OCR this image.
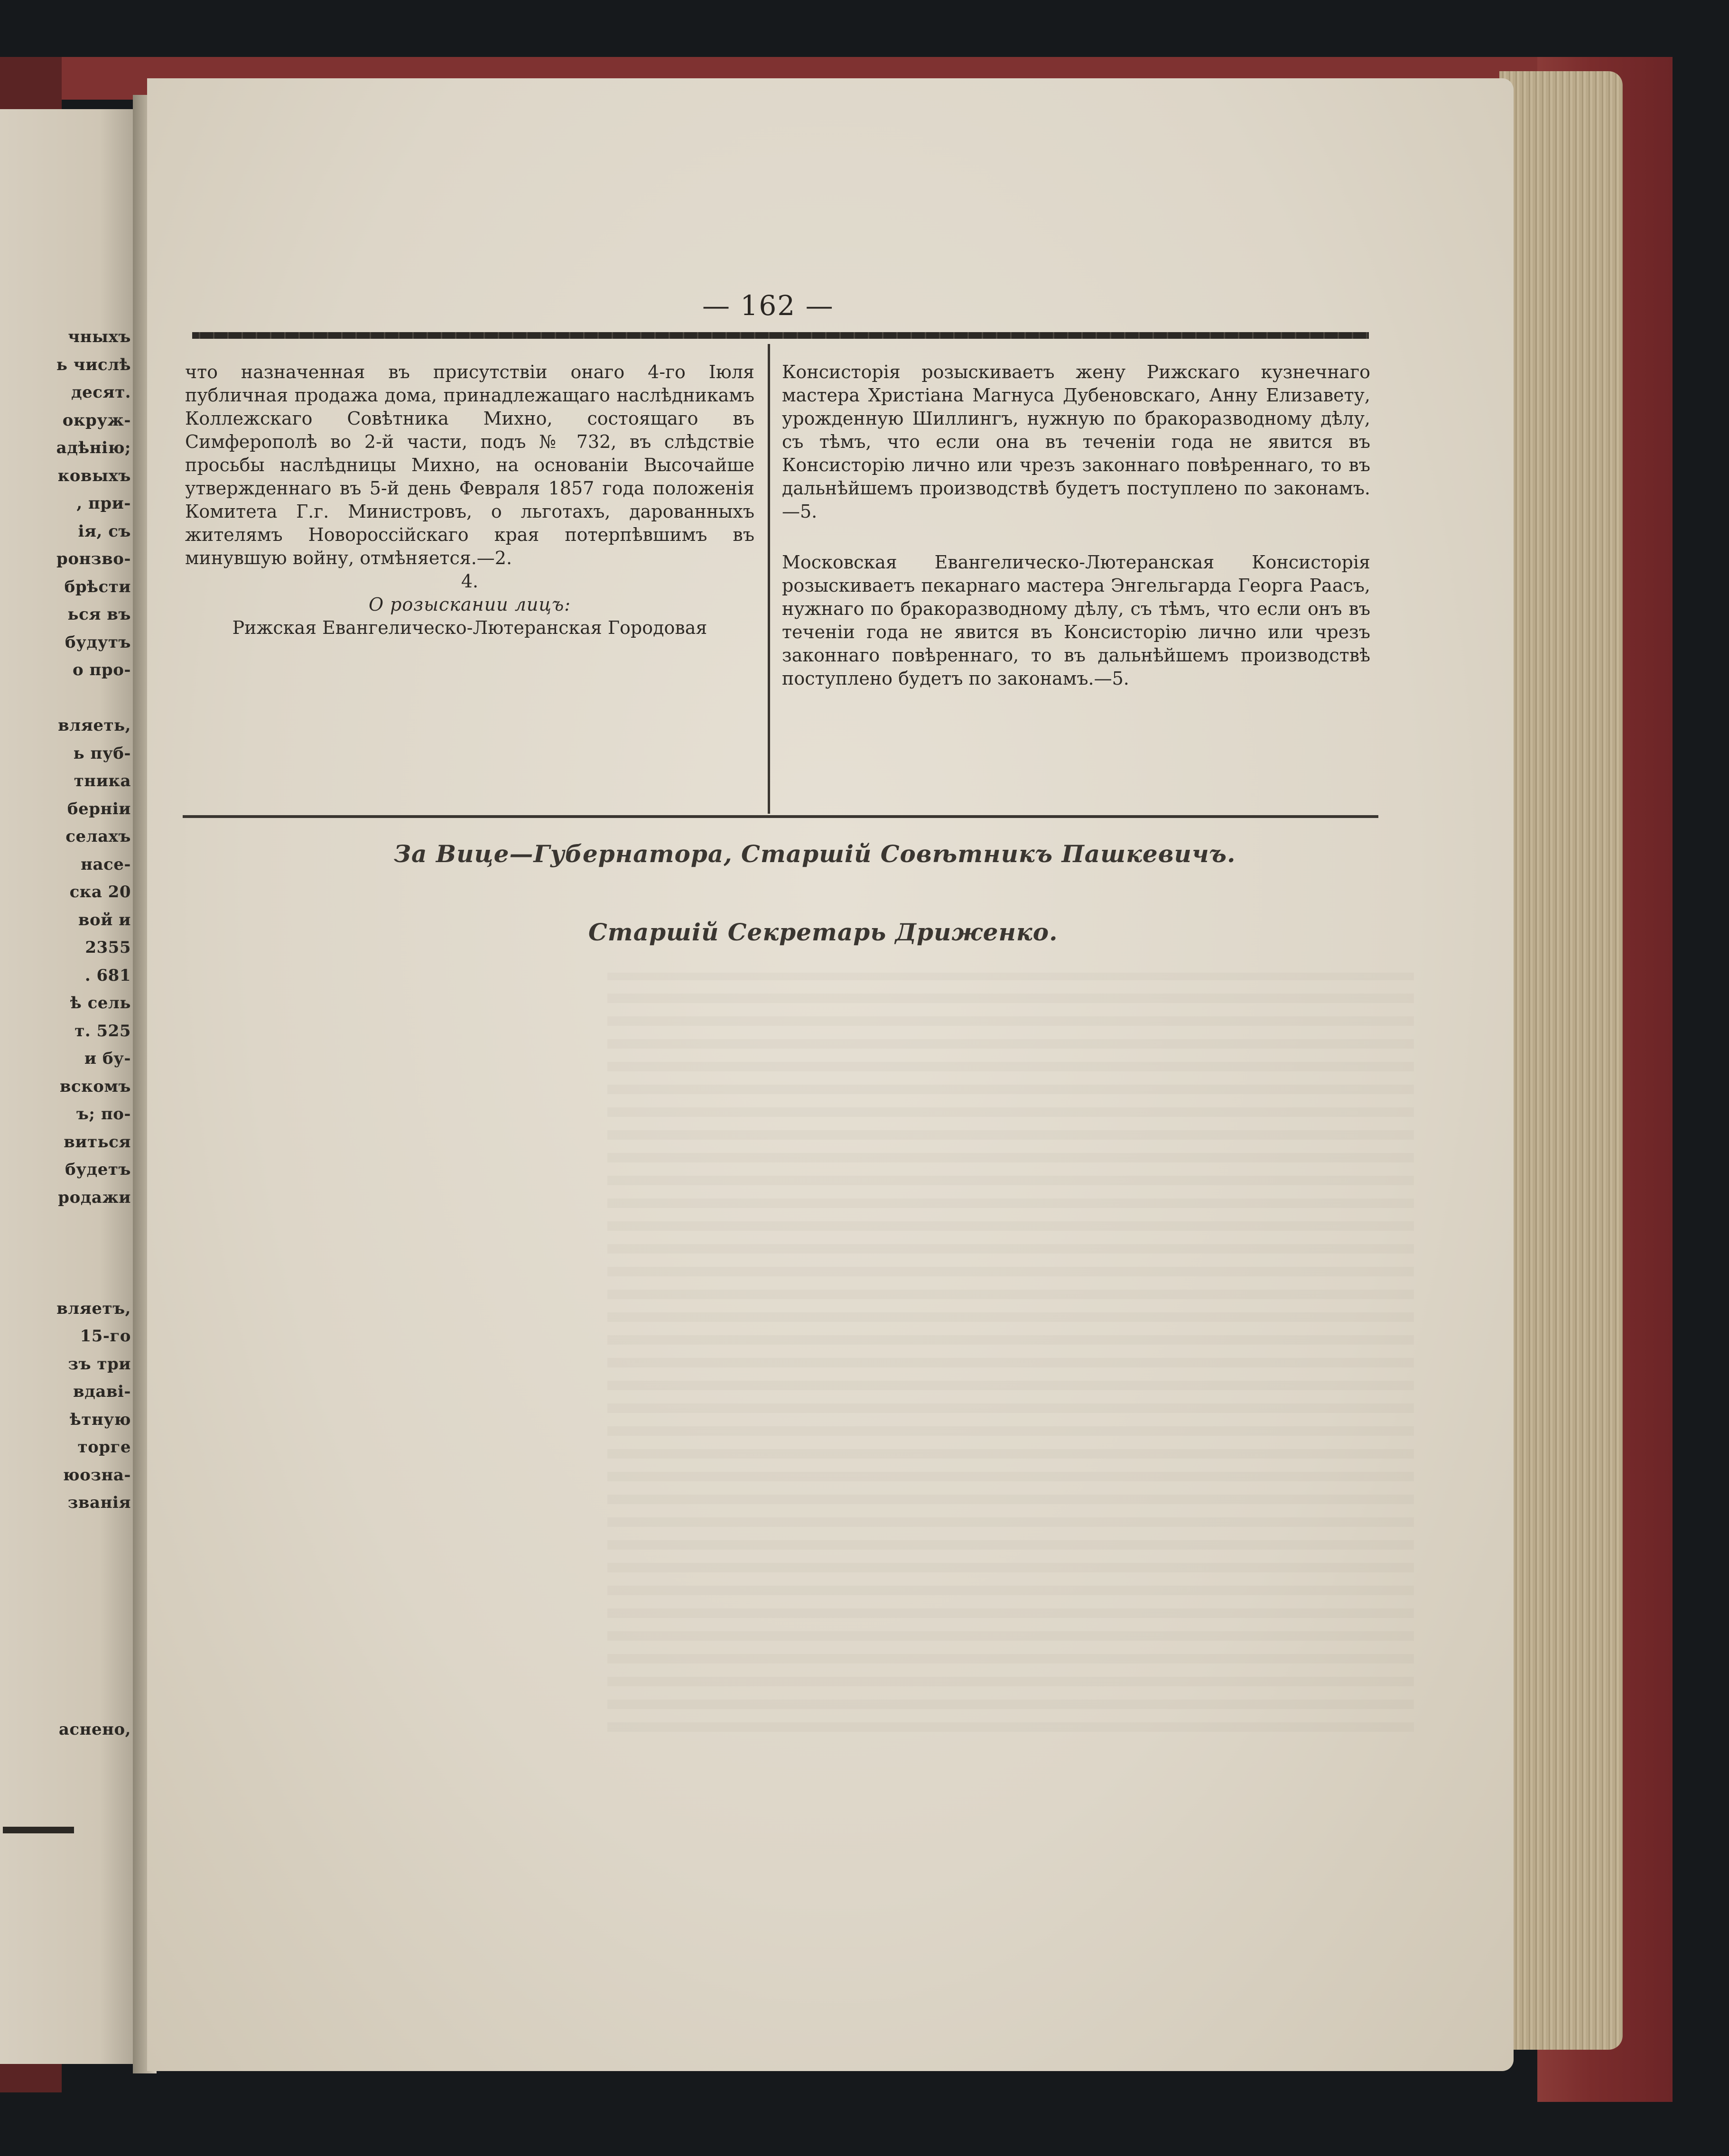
чныхъ
ь числѣ
десят.
окруж-
адѣнію;
ковыхъ
, при-
ія, съ
ронзво-
брѣсти
ься въ
будутъ
о про-
вляеть,
ь пуб-
тника
берніи
селахъ
насе-
ска 20
вой и
2355
. 681
ѣ сель
т. 525
и бу-
вскомъ
ъ; по-
виться
будетъ
родажи
вляетъ,
15-го
зъ три
вдаві-
ѣтную
торге
юозна-
званія
аснено,
— 162 —

что назначенная въ присутствіи онаго 4-го Іюля публичная продажа дома, принадлежащаго наслѣдникамъ Коллежскаго Совѣтника Михно, состоящаго въ Симферополѣ во 2-й части, подъ № 732, въ слѣдствіе просьбы наслѣдницы Михно, на основаніи Высочайше утвержденнаго въ 5-й день Февраля 1857 года положенія Комитета Г.г. Министровъ, о льготахъ, дарованныхъ жителямъ Новороссійскаго края потерпѣвшимъ въ минувшую войну, отмѣняется.—2.

4.

О розыскании лицъ:

Рижская Евангелическо-Лютеранская Городовая

Консисторія розыскиваетъ жену Рижскаго кузнечнаго мастера Христіана Магнуса Дубеновскаго, Анну Елизавету, урожденную Шиллингъ, нужную по бракоразводному дѣлу, съ тѣмъ, что если она въ теченіи года не явится въ Консисторію лично или чрезъ законнаго повѣреннаго, то въ дальнѣйшемъ производствѣ будетъ поступлено по законамъ.—5.

Московская Евангелическо-Лютеранская Консисторія розыскиваетъ пекарнаго мастера Энгельгарда Георга Раасъ, нужнаго по бракоразводному дѣлу, съ тѣмъ, что если онъ въ теченіи года не явится въ Консисторію лично или чрезъ законнаго повѣреннаго, то въ дальнѣйшемъ производствѣ поступлено будетъ по законамъ.—5.

За Вице—Губернатора, Старшій Совѣтникъ Пашкевичъ.
Старшій Секретарь Дриженко.
